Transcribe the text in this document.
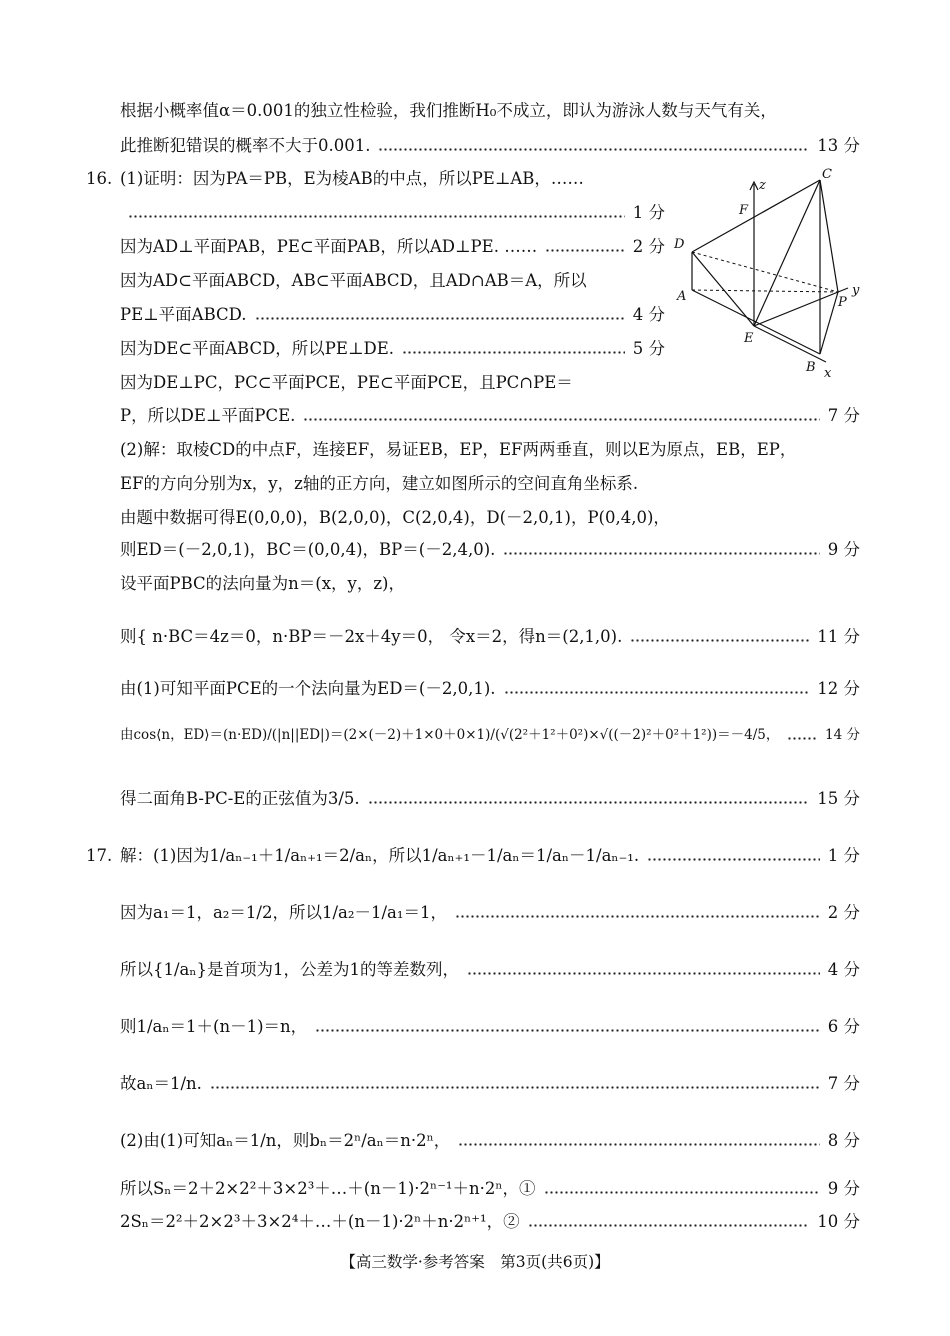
根据小概率值α＝0.001的独立性检验，我们推断H₀不成立，即认为游泳人数与天气有关，
此推断犯错误的概率不大于0.001.	13 分
16. (1)证明：因为PA＝PB，E为棱AB的中点，所以PE⊥AB，……
1 分
因为AD⊥平面PAB，PE⊂平面PAB，所以AD⊥PE. ……	2 分
因为AD⊂平面ABCD，AB⊂平面ABCD，且AD∩AB＝A，所以
PE⊥平面ABCD.	4 分
因为DE⊂平面ABCD，所以PE⊥DE.	5 分
因为DE⊥PC，PC⊂平面PCE，PE⊂平面PCE，且PC∩PE＝
P，所以DE⊥平面PCE.	7 分
(2)解：取棱CD的中点F，连接EF，易证EB，EP，EF两两垂直，则以E为原点，EB，EP，
EF的方向分别为x，y，z轴的正方向，建立如图所示的空间直角坐标系.
由题中数据可得E(0,0,0)，B(2,0,0)，C(2,0,4)，D(－2,0,1)，P(0,4,0)，
则ED＝(－2,0,1)，BC＝(0,0,4)，BP＝(－2,4,0).	9 分
设平面PBC的法向量为n＝(x，y，z)，
则{ n·BC＝4z＝0，n·BP＝－2x＋4y＝0， 令x＝2，得n＝(2,1,0).	11 分
由(1)可知平面PCE的一个法向量为ED＝(－2,0,1).	12 分
由cos⟨n，ED⟩＝(n·ED)/(|n||ED|)＝(2×(－2)＋1×0＋0×1)/(√(2²＋1²＋0²)×√((－2)²＋0²＋1²))＝－4/5，	14 分
得二面角B-PC-E的正弦值为3/5.	15 分
17. 解：(1)因为1/aₙ₋₁＋1/aₙ₊₁＝2/aₙ，所以1/aₙ₊₁－1/aₙ＝1/aₙ－1/aₙ₋₁.	1 分
因为a₁＝1，a₂＝1/2，所以1/a₂－1/a₁＝1，	2 分
所以{1/aₙ}是首项为1，公差为1的等差数列，	4 分
则1/aₙ＝1＋(n－1)＝n，	6 分
故aₙ＝1/n.	7 分
(2)由(1)可知aₙ＝1/n，则bₙ＝2ⁿ/aₙ＝n·2ⁿ，	8 分
所以Sₙ＝2＋2×2²＋3×2³＋…＋(n－1)·2ⁿ⁻¹＋n·2ⁿ，①	9 分
2Sₙ＝2²＋2×2³＋3×2⁴＋…＋(n－1)·2ⁿ＋n·2ⁿ⁺¹，②	10 分
C
z
F
D
A	P
y
E
B x
【高三数学·参考答案　第3页(共6页)】
